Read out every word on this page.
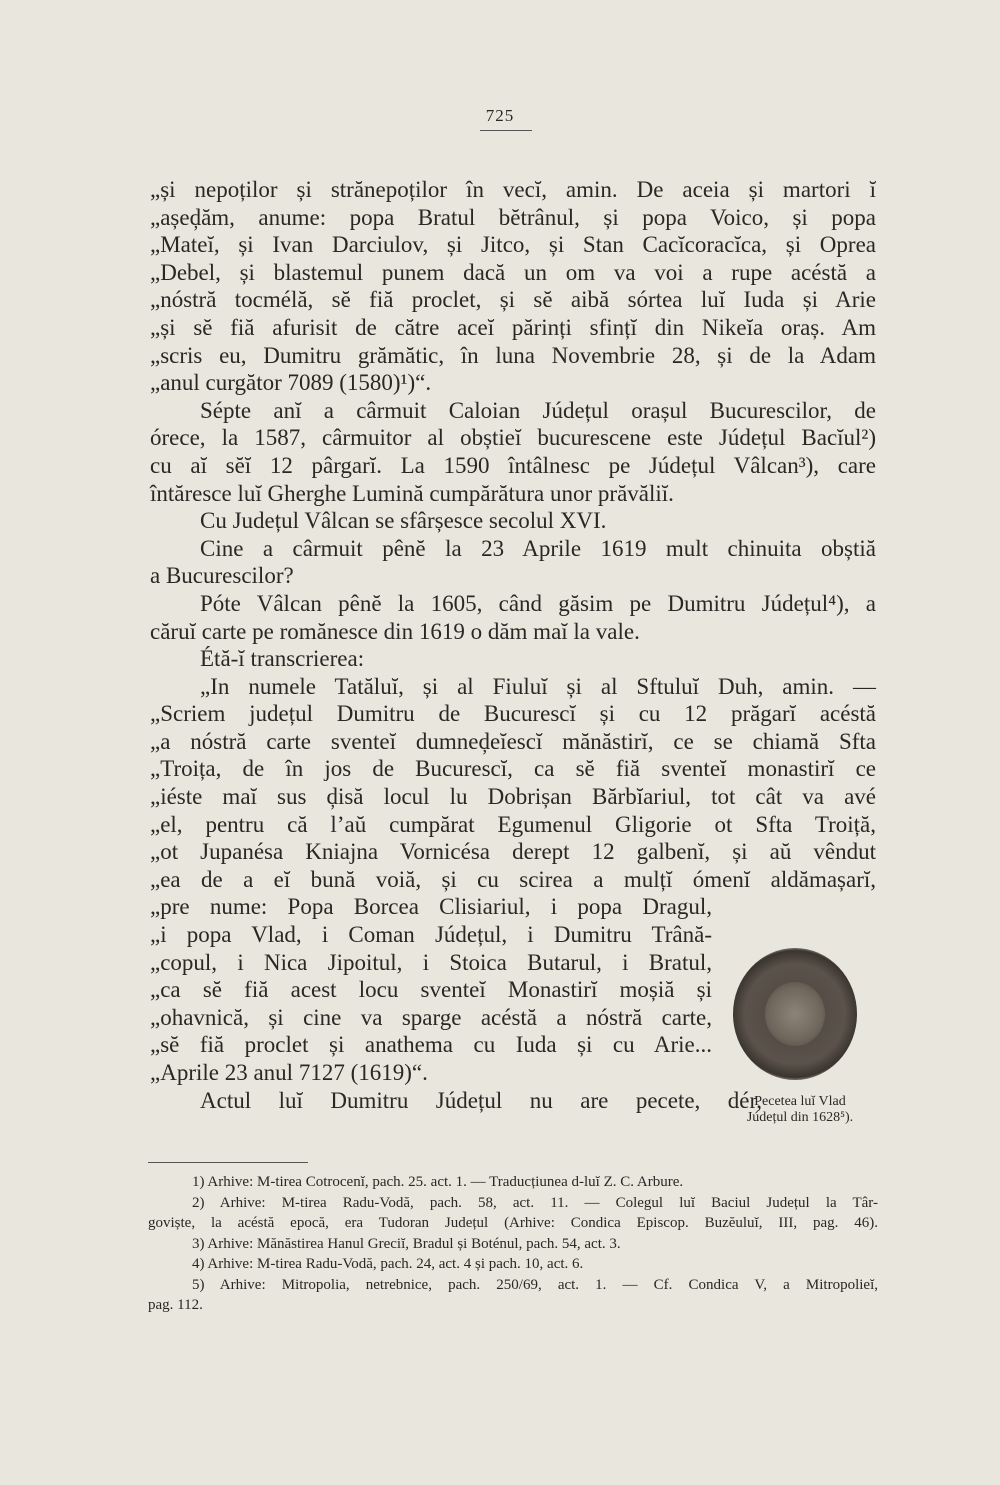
725
„și nepoților și strănepoților în vecĭ, amin. De aceia și martori ĭ
„așeḑăm, anume: popa Bratul bĕtrânul, și popa Voico, și popa
„Mateĭ, și Ivan Darciulov, și Jitco, și Stan Cacĭcoracĭca, și Oprea
„Debel, și blastemul punem dacă un om va voi a rupe acéstă a
„nóstră tocmélă, sĕ fiă proclet, și sĕ aibă sórtea luĭ Iuda și Arie
„și sĕ fiă afurisit de către aceĭ părinți sfințĭ din Nikeĭa oraș. Am
„scris eu, Dumitru grămătic, în luna Novembrie 28, și de la Adam
„anul curgător 7089 (1580)¹)“.
Sépte anĭ a cârmuit Caloian Júdețul orașul Bucurescilor, de
órece, la 1587, cârmuitor al obștieĭ bucurescene este Júdețul Bacĭul²)
cu aĭ sĕĭ 12 pârgarĭ. La 1590 întâlnesc pe Júdețul Vâlcan³), care
întăresce luĭ Gherghe Lumină cumpărătura unor prăvăliĭ.
Cu Județul Vâlcan se sfârșesce secolul XVI.
Cine a cârmuit pênĕ la 23 Aprile 1619 mult chinuita obștiă
a Bucurescilor?
Póte Vâlcan pênĕ la 1605, când găsim pe Dumitru Júdețul⁴), a
căruĭ carte pe romănesce din 1619 o dăm maĭ la vale.
Étă-ĭ transcrierea:
„In numele Tatăluĭ, și al Fiuluĭ și al Sftuluĭ Duh, amin. —
„Scriem județul Dumitru de Bucurescĭ și cu 12 prăgarĭ acéstă
„a nóstră carte sventeĭ dumneḑeĭescĭ mănăstirĭ, ce se chiamă Sfta
„Troița, de în jos de Bucurescĭ, ca sĕ fiă sventeĭ monastirĭ ce
„iéste maĭ sus ḑisă locul lu Dobrișan Bărbĭariul, tot cât va avé
„el, pentru că l’aŭ cumpărat Egumenul Gligorie ot Sfta Troiță,
„ot Jupanésa Kniajna Vornicésa derept 12 galbenĭ, și aŭ vêndut
„ea de a eĭ bună voiă, și cu scirea a mulțĭ ómenĭ aldămașarĭ,
„pre nume: Popa Borcea Clisiariul, i popa Dragul,
„i popa Vlad, i Coman Júdețul, i Dumitru Trână-
„copul, i Nica Jipoitul, i Stoica Butarul, i Bratul,
„ca sĕ fiă acest locu sventeĭ Monastirĭ moșiă și
„ohavnică, și cine va sparge acéstă a nóstră carte,
„sĕ fiă proclet și anathema cu Iuda și cu Arie...
„Aprile 23 anul 7127 (1619)“.
Actul luĭ Dumitru Júdețul nu are pecete, dér,
Pecetea luĭ Vlad
Júdețul din 1628⁵).
1) Arhive: M-tirea Cotrocenĭ, pach. 25. act. 1. — Traducțiunea d-luĭ Z. C. Arbure.
2) Arhive: M-tirea Radu-Vodă, pach. 58, act. 11. — Colegul luĭ Baciul Județul la Târ-
goviște, la acéstă epocă, era Tudoran Județul (Arhive: Condica Episcop. Buzĕuluĭ, III, pag. 46).
3) Arhive: Mănăstirea Hanul Greciĭ, Bradul și Boténul, pach. 54, act. 3.
4) Arhive: M-tirea Radu-Vodă, pach. 24, act. 4 și pach. 10, act. 6.
5) Arhive: Mitropolia, netrebnice, pach. 250/69, act. 1. — Cf. Condica V, a Mitropolieĭ,
pag. 112.
